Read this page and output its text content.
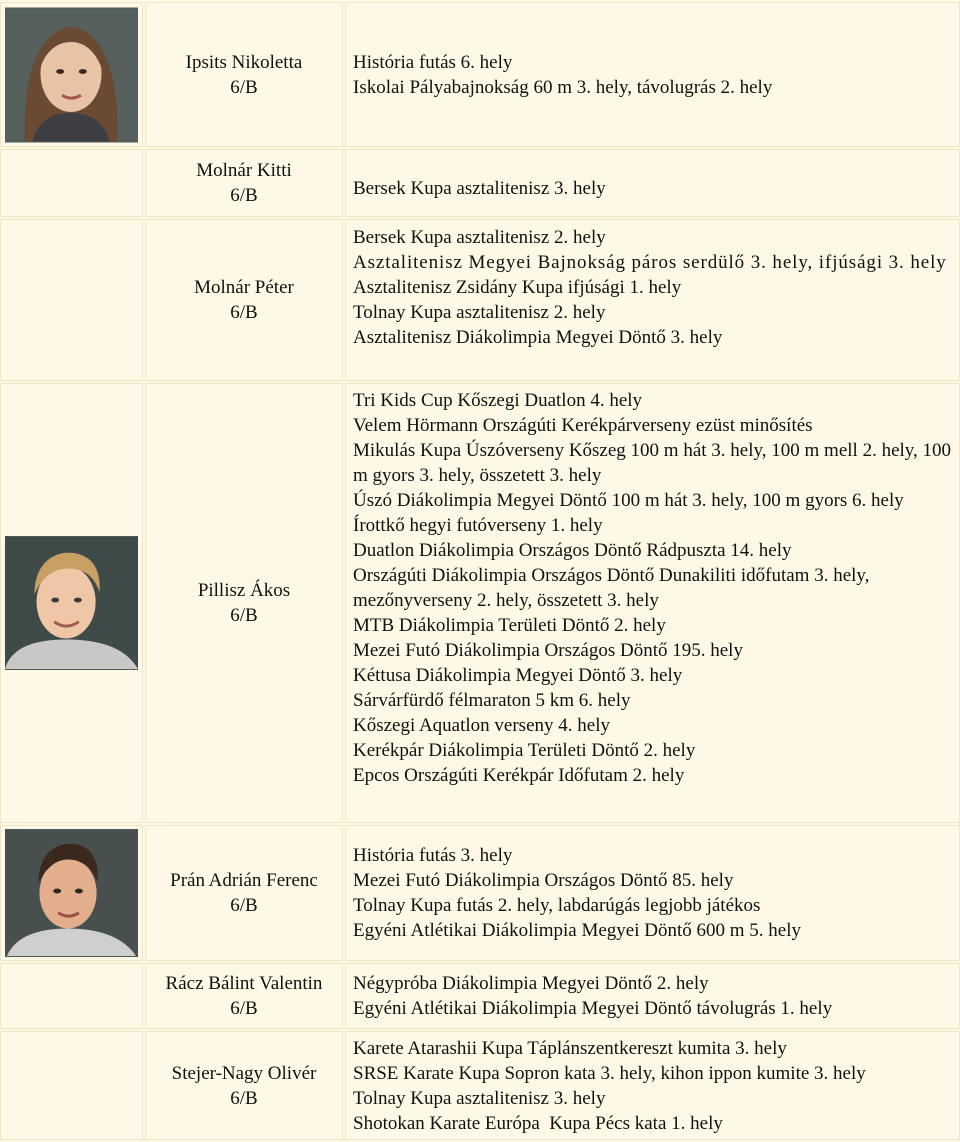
Ipsits Nikoletta
6/B
História futás 6. hely
Iskolai Pályabajnokság 60 m 3. hely, távolugrás 2. hely
Molnár Kitti
6/B	Bersek Kupa asztalitenisz 3. hely
Molnár Péter
6/B
Bersek Kupa asztalitenisz 2. hely
Asztalitenisz Megyei Bajnokság páros serdülő 3. hely, ifjúsági 3. hely
Asztalitenisz Zsidány Kupa ifjúsági 1. hely
Tolnay Kupa asztalitenisz 2. hely
Asztalitenisz Diákolimpia Megyei Döntő 3. hely
Pillisz Ákos
6/B
Tri Kids Cup Kőszegi Duatlon 4. hely
Velem Hörmann Országúti Kerékpárverseny ezüst minősítés
Mikulás Kupa Úszóverseny Kőszeg 100 m hát 3. hely, 100 m mell 2. hely, 100 m gyors 3. hely, összetett 3. hely
Úszó Diákolimpia Megyei Döntő 100 m hát 3. hely, 100 m gyors 6. hely
Írottkő hegyi futóverseny 1. hely
Duatlon Diákolimpia Országos Döntő Rádpuszta 14. hely
Országúti Diákolimpia Országos Döntő Dunakiliti időfutam 3. hely, mezőnyverseny 2. hely, összetett 3. hely
MTB Diákolimpia Területi Döntő 2. hely
Mezei Futó Diákolimpia Országos Döntő 195. hely
Kéttusa Diákolimpia Megyei Döntő 3. hely
Sárvárfürdő félmaraton 5 km 6. hely
Kőszegi Aquatlon verseny 4. hely
Kerékpár Diákolimpia Területi Döntő 2. hely
Epcos Országúti Kerékpár Időfutam 2. hely
Prán Adrián Ferenc
6/B
História futás 3. hely
Mezei Futó Diákolimpia Országos Döntő 85. hely
Tolnay Kupa futás 2. hely, labdarúgás legjobb játékos
Egyéni Atlétikai Diákolimpia Megyei Döntő 600 m 5. hely
Rácz Bálint Valentin
6/B
Négypróba Diákolimpia Megyei Döntő 2. hely
Egyéni Atlétikai Diákolimpia Megyei Döntő távolugrás 1. hely
Stejer-Nagy Olivér
6/B
Karete Atarashii Kupa Táplánszentkereszt kumita 3. hely
SRSE Karate Kupa Sopron kata 3. hely, kihon ippon kumite 3. hely
Tolnay Kupa asztalitenisz 3. hely
Shotokan Karate Európa  Kupa Pécs kata 1. hely
